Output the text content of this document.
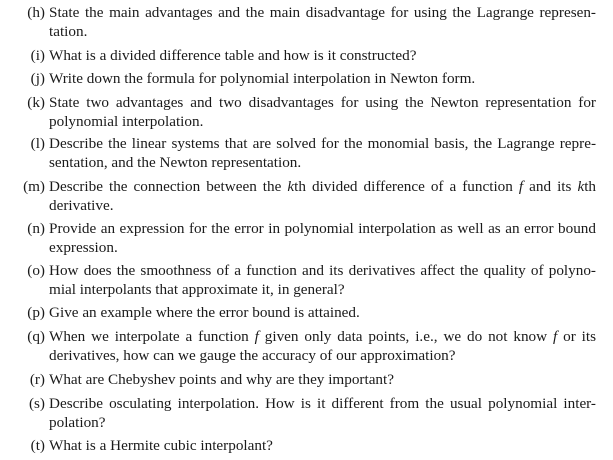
(h) State the main advantages and the main disadvantage for using the Lagrange represen-
tation.
(i) What is a divided difference table and how is it constructed?
(j) Write down the formula for polynomial interpolation in Newton form.
(k) State two advantages and two disadvantages for using the Newton representation for
polynomial interpolation.
(l) Describe the linear systems that are solved for the monomial basis, the Lagrange repre-
sentation, and the Newton representation.
(m) Describe the connection between the kth divided difference of a function f and its kth
derivative.
(n) Provide an expression for the error in polynomial interpolation as well as an error bound
expression.
(o) How does the smoothness of a function and its derivatives affect the quality of polyno-
mial interpolants that approximate it, in general?
(p) Give an example where the error bound is attained.
(q) When we interpolate a function f given only data points, i.e., we do not know f or its
derivatives, how can we gauge the accuracy of our approximation?
(r) What are Chebyshev points and why are they important?
(s) Describe osculating interpolation. How is it different from the usual polynomial inter-
polation?
(t) What is a Hermite cubic interpolant?
